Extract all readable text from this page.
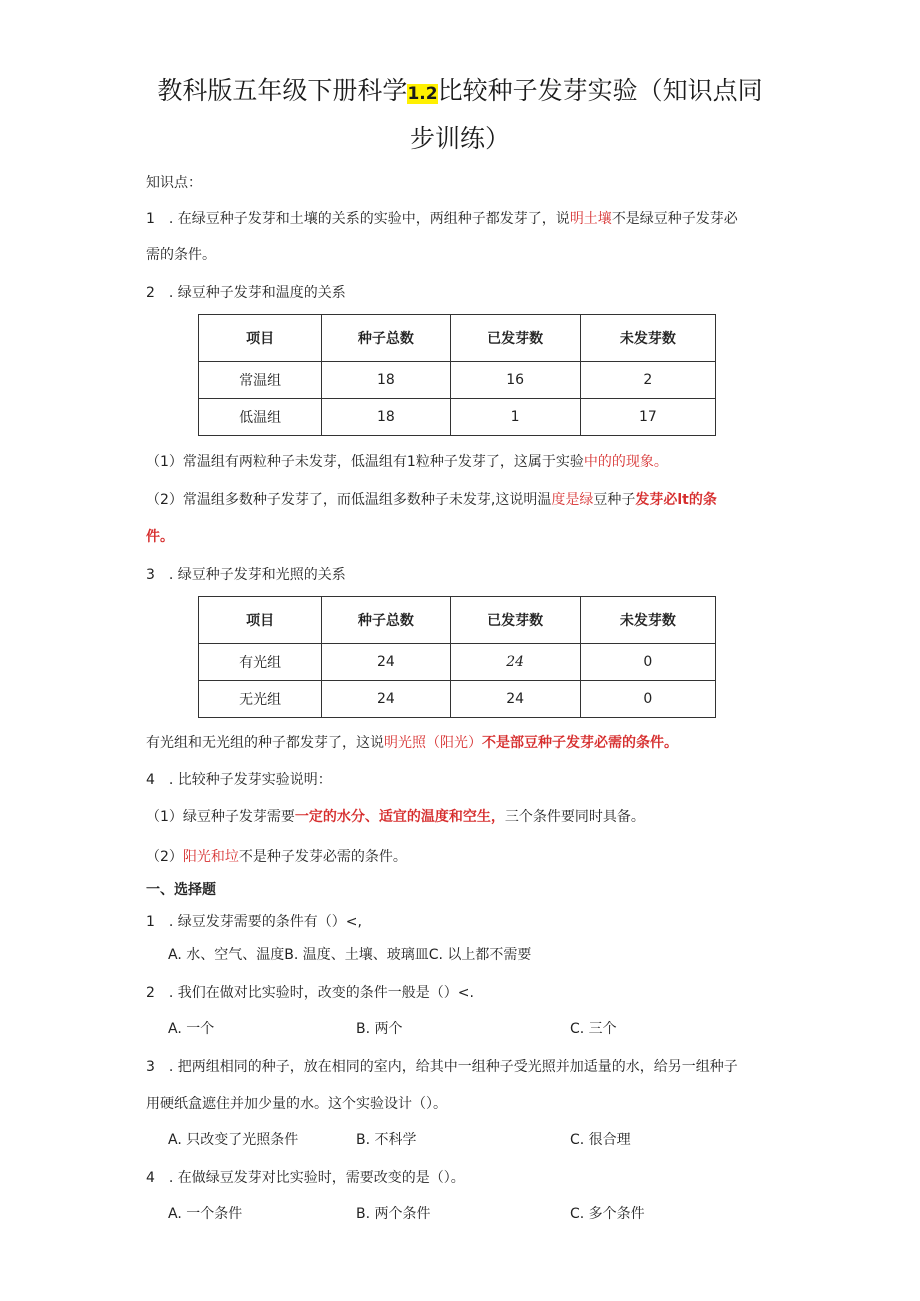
教科版五年级下册科学1.2比较种子发芽实验（知识点同
步训练）
知识点：
1　. 在绿豆种子发芽和土壤的关系的实验中，两组种子都发芽了，说明土壤不是绿豆种子发芽必
需的条件。
2　. 绿豆种子发芽和温度的关系
项目	种子总数	已发芽数	未发芽数
常温组	18	16	2
低温组	18	1	17
（1）常温组有两粒种子未发芽，低温组有1粒种子发芽了，这属于实验中的的现象。
（2）常温组多数种子发芽了，而低温组多数种子未发芽,这说明温度是绿豆种子发芽必lt的条
件。
3　. 绿豆种子发芽和光照的关系
项目	种子总数	已发芽数	未发芽数
有光组	24	24	0
无光组	24	24	0
有光组和无光组的种子都发芽了，这说明光照（阳光）不是部豆种子发芽必需的条件。
4　. 比较种子发芽实验说明：
（1）绿豆种子发芽需要一定的水分、适宜的温度和空生，三个条件要同时具备。
（2）阳光和垃不是种子发芽必需的条件。
一、选择题
1　. 绿豆发芽需要的条件有（）<,
A. 水、空气、温度B. 温度、土壤、玻璃皿C. 以上都不需要
2　. 我们在做对比实验时，改变的条件一般是（）<.
A. 一个	B. 两个	C. 三个
3　. 把两组相同的种子，放在相同的室内，给其中一组种子受光照并加适量的水，给另一组种子
用硬纸盒遮住并加少量的水。这个实验设计（）。
A. 只改变了光照条件	B. 不科学	C. 很合理
4　. 在做绿豆发芽对比实验时，需要改变的是（）。
A. 一个条件	B. 两个条件	C. 多个条件
